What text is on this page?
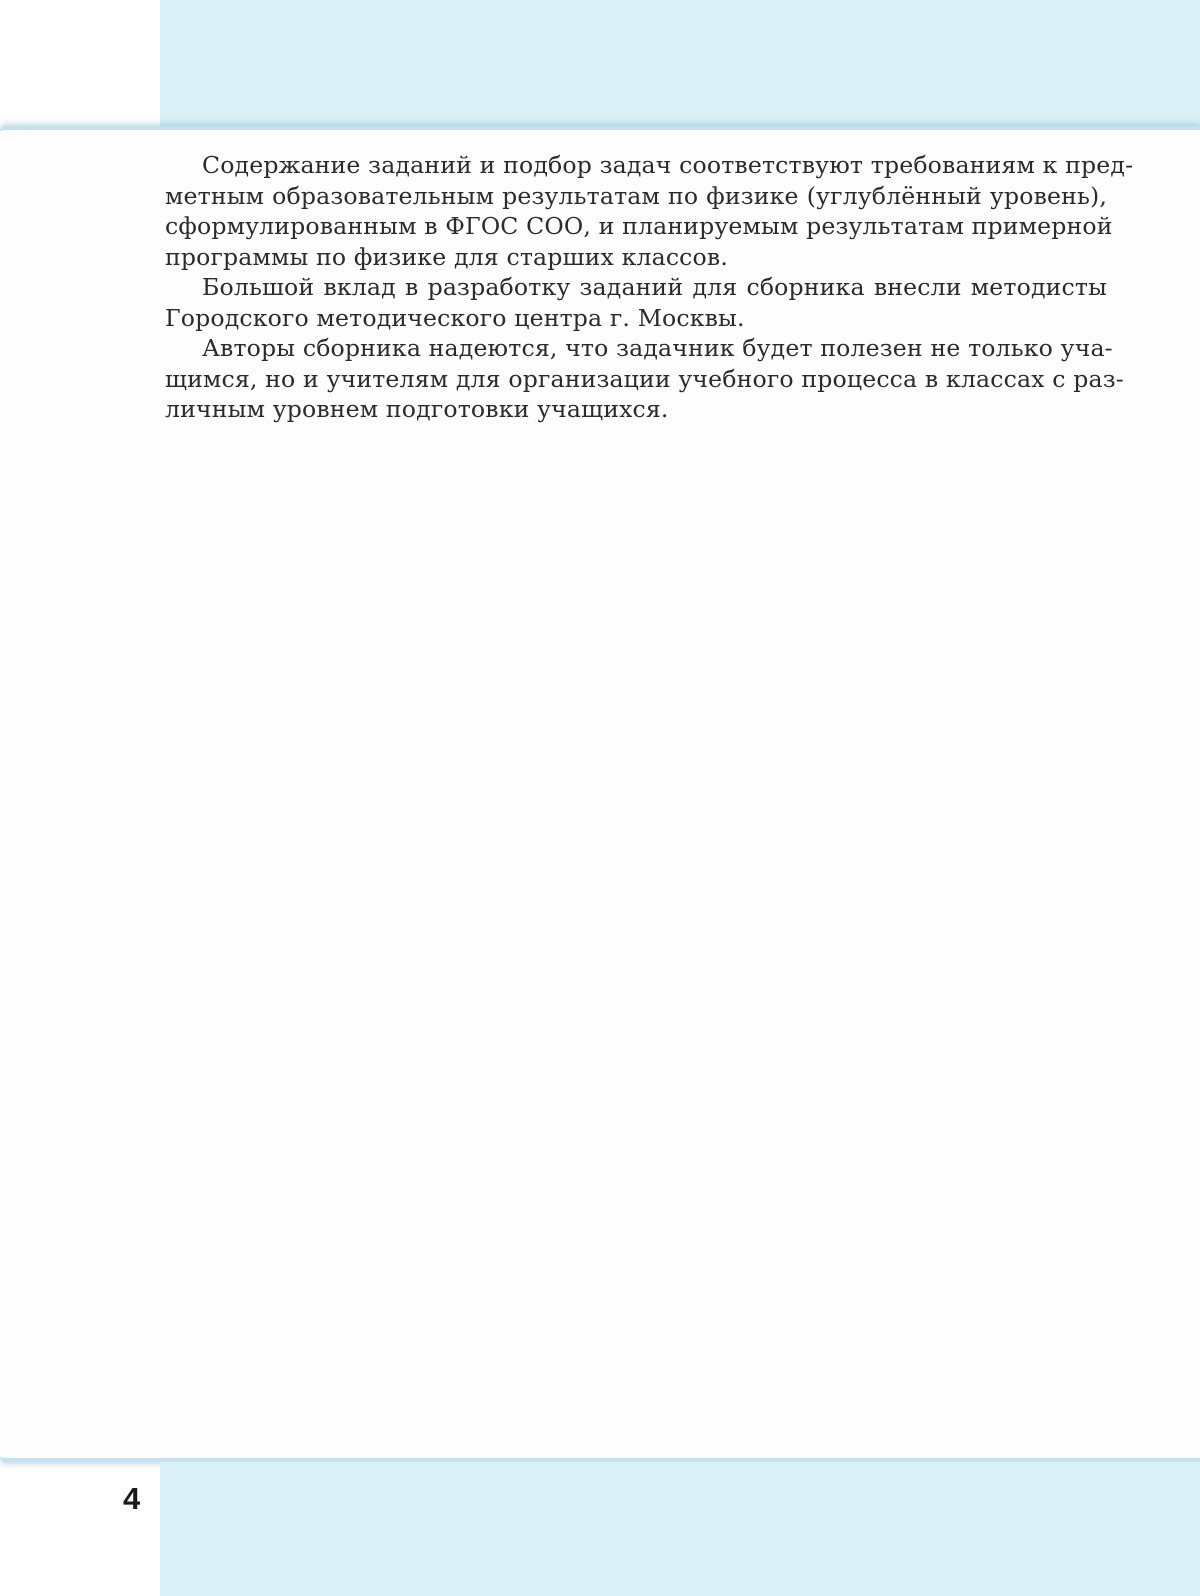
Содержание заданий и подбор задач соответствуют требованиям к пред-
метным образовательным результатам по физике (углублённый уровень),
сформулированным в ФГОС СОО, и планируемым результатам примерной
программы по физике для старших классов.
Большой вклад в разработку заданий для сборника внесли методисты
Городского методического центра г. Москвы.
Авторы сборника надеются, что задачник будет полезен не только уча-
щимся, но и учителям для организации учебного процесса в классах с раз-
личным уровнем подготовки учащихся.
4
